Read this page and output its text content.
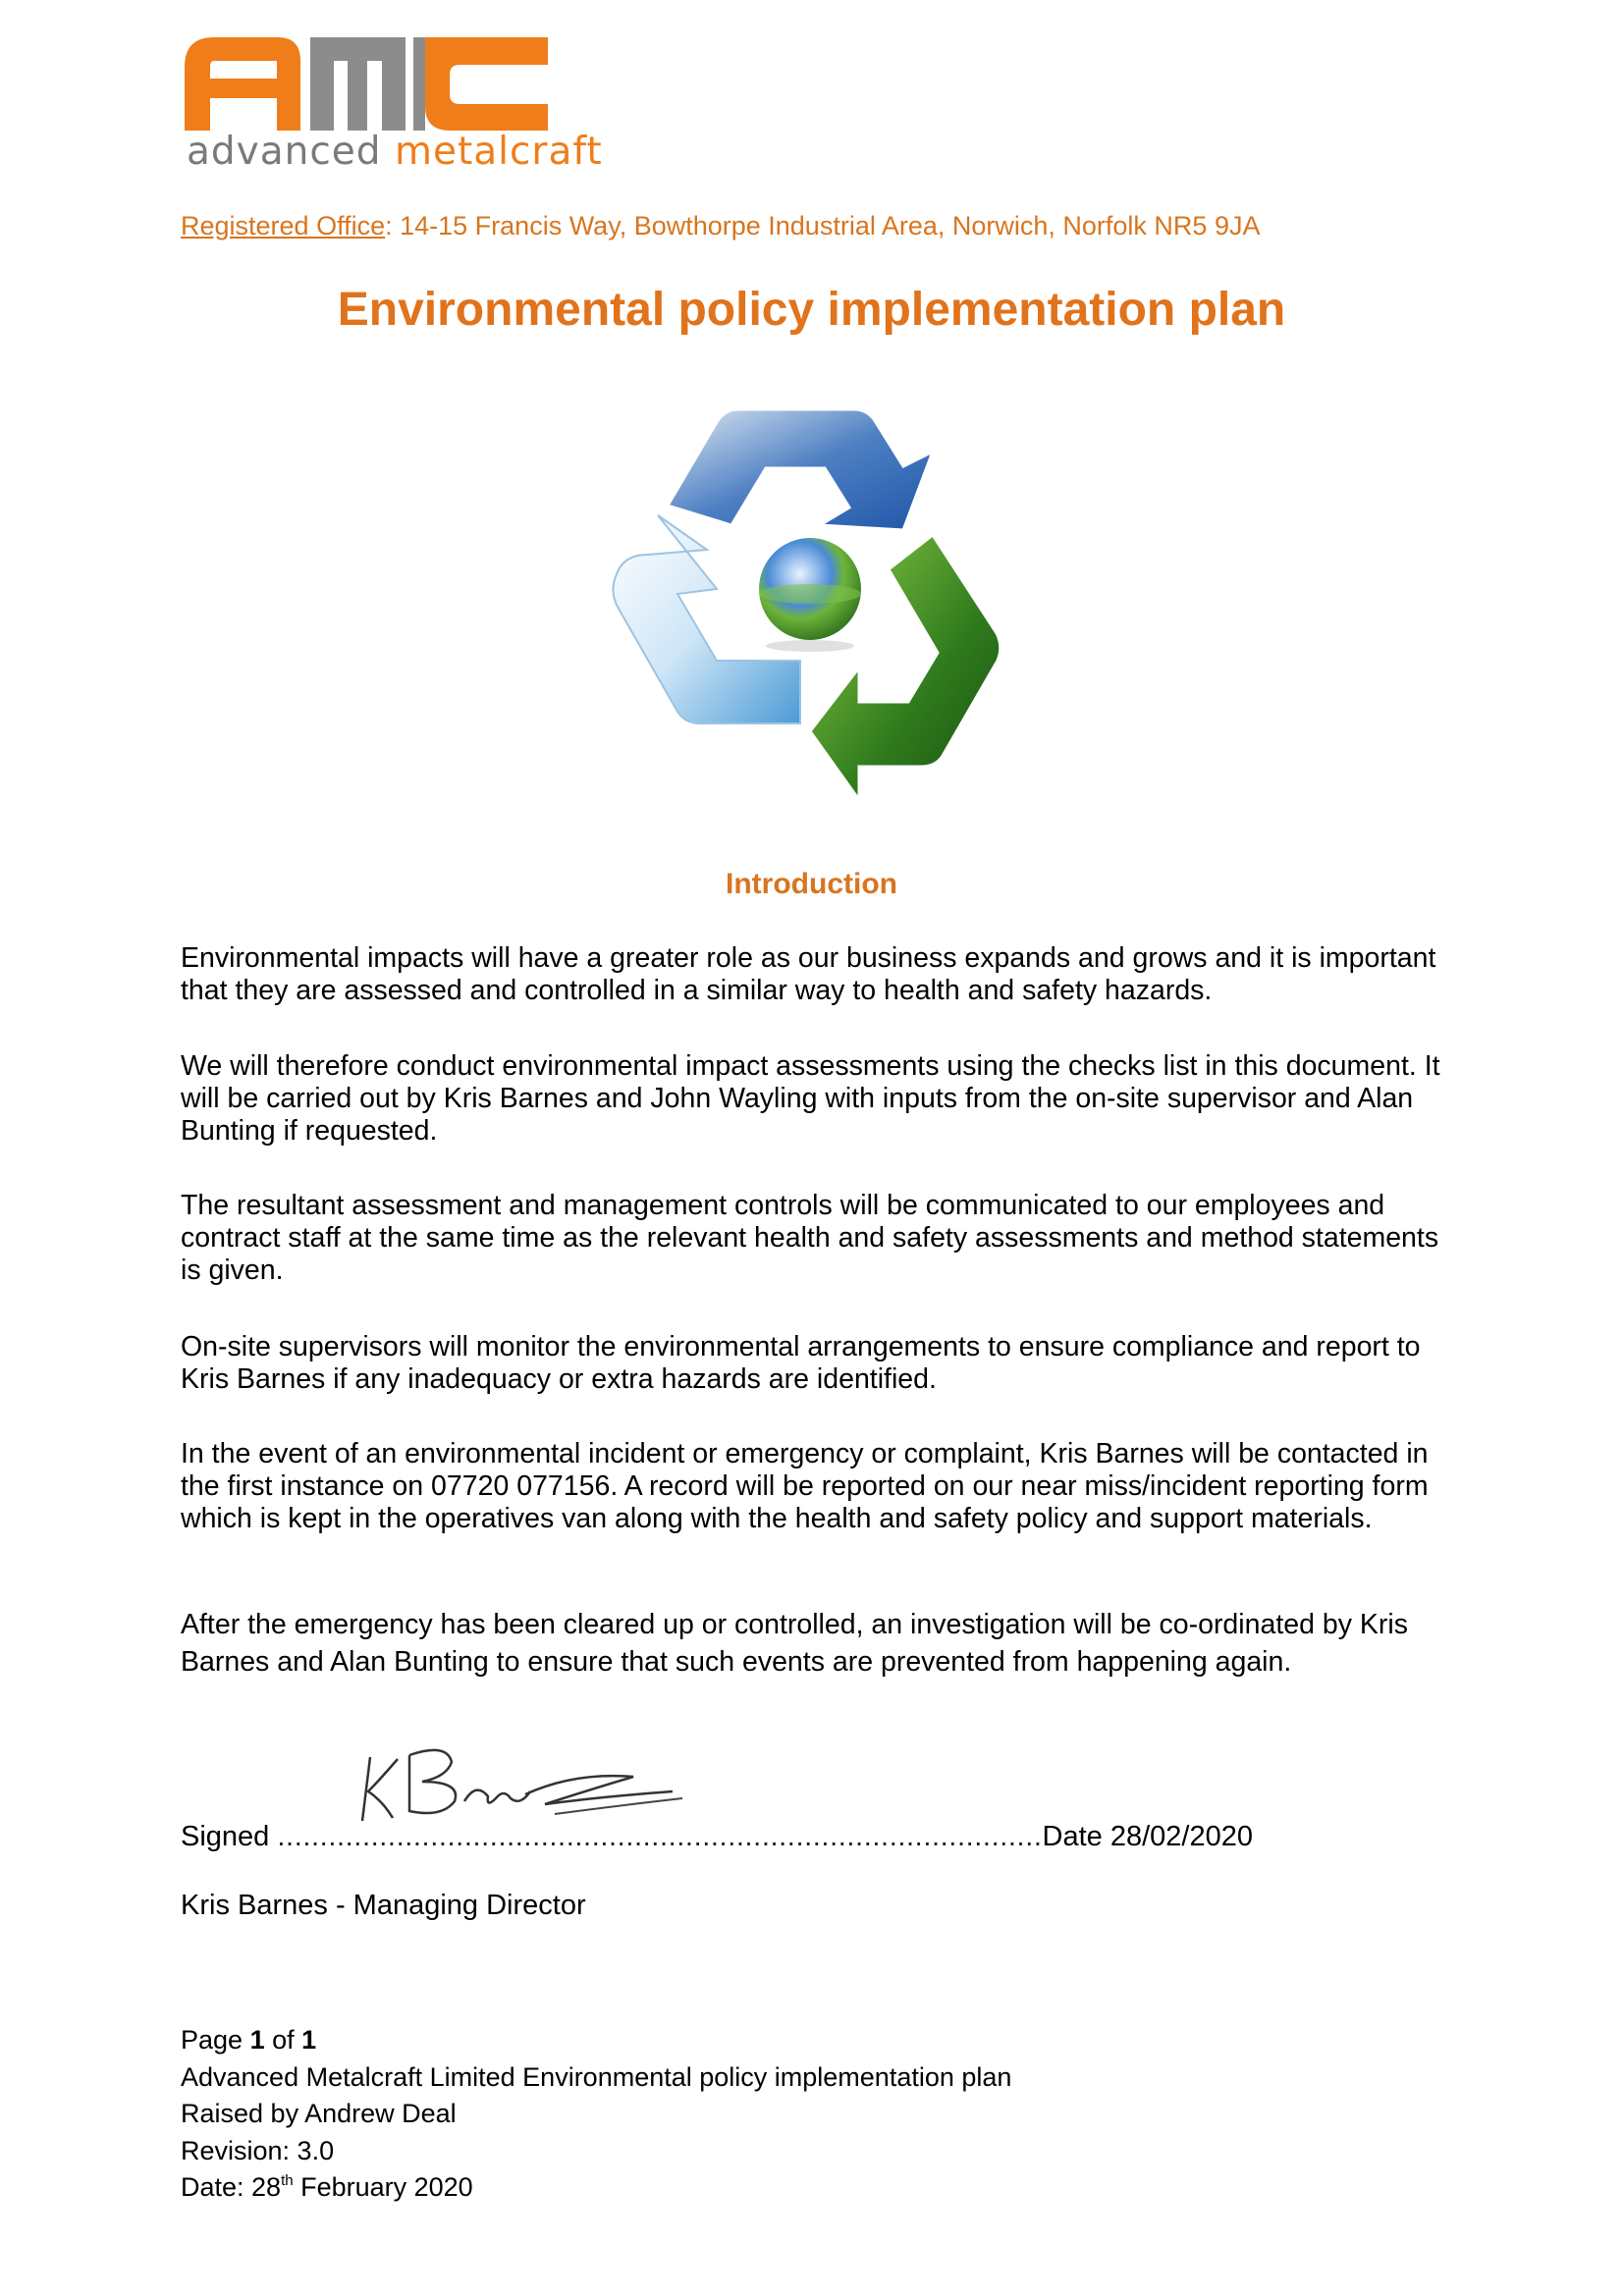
advanced metalcraft
Registered Office: 14-15 Francis Way, Bowthorpe Industrial Area, Norwich, Norfolk NR5 9JA
Environmental policy implementation plan
Introduction
Environmental impacts will have a greater role as our business expands and grows and it is important that they are assessed and controlled in a similar way to health and safety hazards.
We will therefore conduct environmental impact assessments using the checks list in this document. It will be carried out by Kris Barnes and John Wayling with inputs from the on-site supervisor and Alan Bunting if requested.
The resultant assessment and management controls will be communicated to our employees and contract staff at the same time as the relevant health and safety assessments and method statements is given.
On-site supervisors will monitor the environmental arrangements to ensure compliance and report to Kris Barnes if any inadequacy or extra hazards are identified.
In the event of an environmental incident or emergency or complaint, Kris Barnes will be contacted in the first instance on 07720 077156. A record will be reported on our near miss/incident reporting form which is kept in the operatives van along with the health and safety policy and support materials.
After the emergency has been cleared up or controlled, an investigation will be co-ordinated by Kris Barnes and Alan Bunting to ensure that such events are prevented from happening again.
Signed ..........................................................................................Date 28/02/2020
Kris Barnes - Managing Director
Page 1 of 1
Advanced Metalcraft Limited Environmental policy implementation plan
Raised by Andrew Deal
Revision: 3.0
Date: 28th February 2020
